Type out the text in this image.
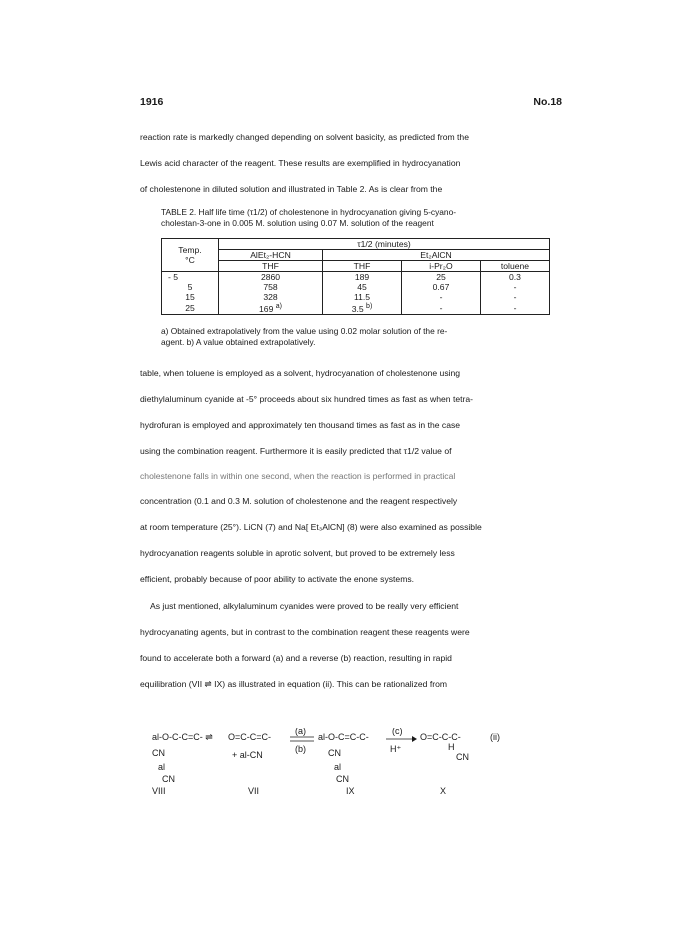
1916	No.18
reaction rate is markedly changed depending on solvent basicity, as predicted from the
Lewis acid character of the reagent. These results are exemplified in hydrocyanation
of cholestenone in diluted solution and illustrated in Table 2. As is clear from the
TABLE 2. Half life time (τ1/2) of cholestenone in hydrocyanation giving 5-cyano-
cholestan-3-one in 0.005 M. solution using 0.07 M. solution of the reagent
Temp.
°C	τ1/2 (minutes)			
	AlEt₂-HCN	Et₂AlCN		
	THF	THF	i-Pr₂O	toluene
- 5	2860	189	25	0.3
5	758	45	0.67	-
15	328	11.5	-	-
25	169 $^{a)}$	3.5 $^{b)}$	-	-
a) Obtained extrapolatively from the value using 0.02 molar solution of the re-
agent. b) A value obtained extrapolatively.
table, when toluene is employed as a solvent, hydrocyanation of cholestenone using
diethylaluminum cyanide at -5° proceeds about six hundred times as fast as when tetra-
hydrofuran is employed and approximately ten thousand times as fast as in the case
using the combination reagent. Furthermore it is easily predicted that τ1/2 value of
cholestenone falls in within one second, when the reaction is performed in practical
concentration (0.1 and 0.3 M. solution of cholestenone and the reagent respectively
at room temperature (25°). LiCN (7) and Na[ Et₃AlCN] (8) were also examined as possible
hydrocyanation reagents soluble in aprotic solvent, but proved to be extremely less
efficient, probably because of poor ability to activate the enone systems.
As just mentioned, alkylaluminum cyanides were proved to be really very efficient
hydrocyanating agents, but in contrast to the combination reagent these reagents were
found to accelerate both a forward (a) and a reverse (b) reaction, resulting in rapid
equilibration (VII ⇌ IX) as illustrated in equation (ii). This can be rationalized from
al-O-C-C=C- ⇌
CN
al
CN
VIII
O=C-C=C-
+ al-CN
VII
(a)
(b)
al-O-C=C-C-
CN
al
CN
IX
(c)
H⁺
O=C-C-C-
H
CN
X
(ii)
